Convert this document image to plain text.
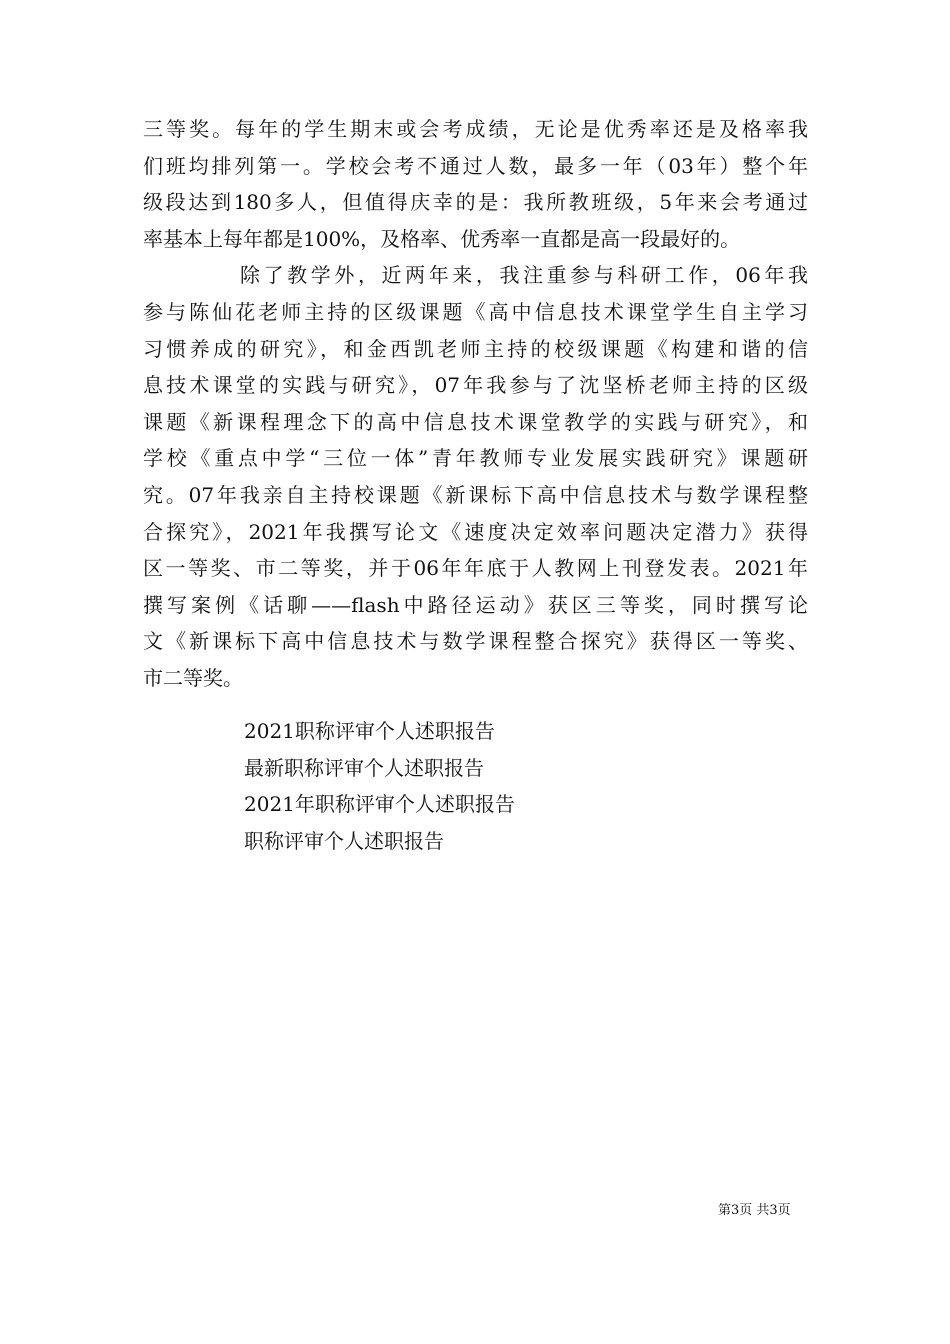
三等奖。每年的学生期末或会考成绩，无论是优秀率还是及格率我
们班均排列第一。学校会考不通过人数，最多一年（03年）整个年
级段达到180多人，但值得庆幸的是：我所教班级，5年来会考通过
率基本上每年都是100%，及格率、优秀率一直都是高一段最好的。
除了教学外，近两年来，我注重参与科研工作，06年我
参与陈仙花老师主持的区级课题《高中信息技术课堂学生自主学习
习惯养成的研究》，和金西凯老师主持的校级课题《构建和谐的信
息技术课堂的实践与研究》，07年我参与了沈坚桥老师主持的区级
课题《新课程理念下的高中信息技术课堂教学的实践与研究》，和
学校《重点中学“三位一体”青年教师专业发展实践研究》课题研
究。07年我亲自主持校课题《新课标下高中信息技术与数学课程整
合探究》，2021年我撰写论文《速度决定效率问题决定潜力》获得
区一等奖、市二等奖，并于06年年底于人教网上刊登发表。2021年
撰写案例《话聊——flash中路径运动》获区三等奖，同时撰写论
文《新课标下高中信息技术与数学课程整合探究》获得区一等奖、
市二等奖。
2021职称评审个人述职报告
最新职称评审个人述职报告
2021年职称评审个人述职报告
职称评审个人述职报告
第3页 共3页
